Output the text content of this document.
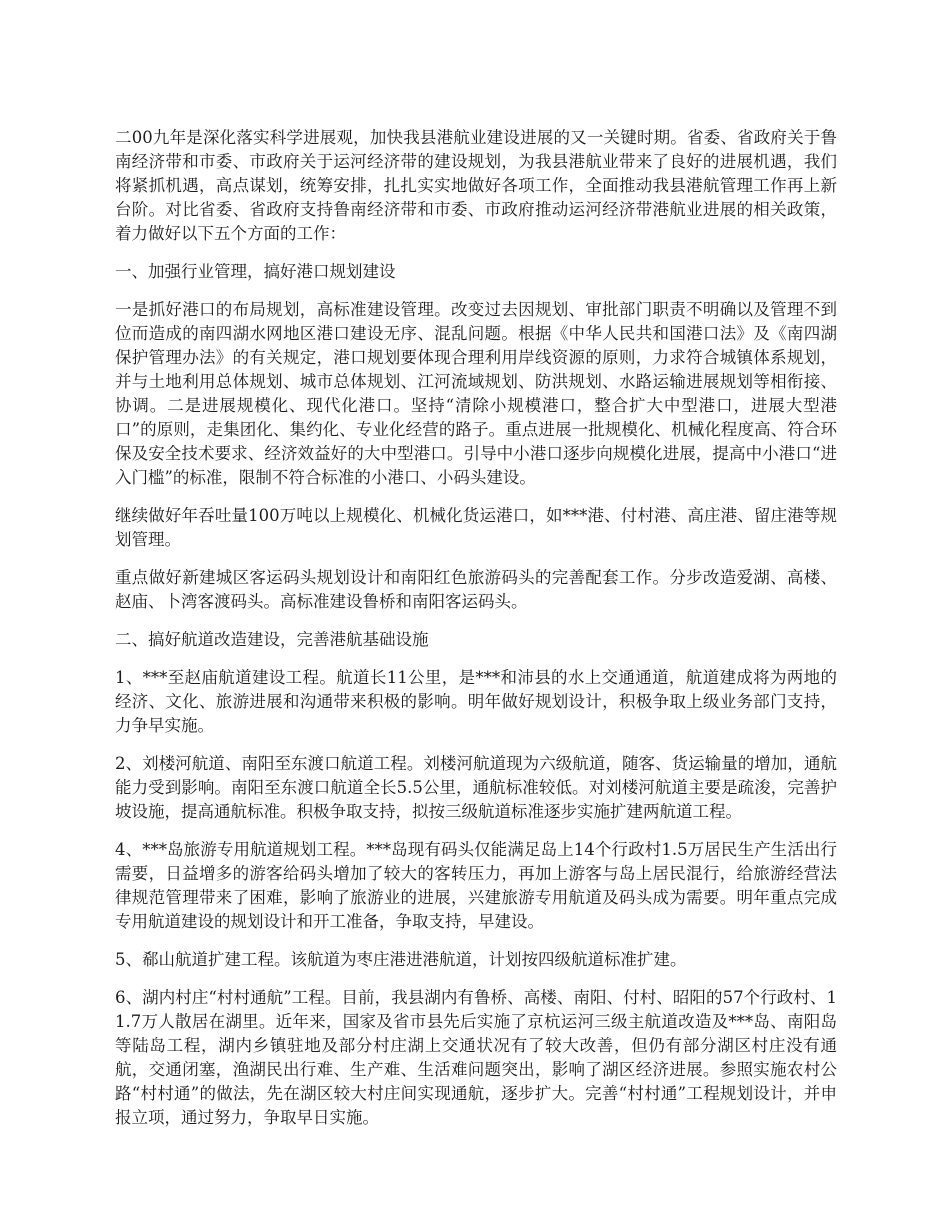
二00九年是深化落实科学进展观，加快我县港航业建设进展的又一关键时期。省委、省政府关于鲁南经济带和市委、市政府关于运河经济带的建设规划，为我县港航业带来了良好的进展机遇，我们将紧抓机遇，高点谋划，统筹安排，扎扎实实地做好各项工作，全面推动我县港航管理工作再上新台阶。对比省委、省政府支持鲁南经济带和市委、市政府推动运河经济带港航业进展的相关政策，着力做好以下五个方面的工作：

一、加强行业管理，搞好港口规划建设

一是抓好港口的布局规划，高标准建设管理。改变过去因规划、审批部门职责不明确以及管理不到位而造成的南四湖水网地区港口建设无序、混乱问题。根据《中华人民共和国港口法》及《南四湖保护管理办法》的有关规定，港口规划要体现合理利用岸线资源的原则，力求符合城镇体系规划，并与土地利用总体规划、城市总体规划、江河流域规划、防洪规划、水路运输进展规划等相衔接、协调。二是进展规模化、现代化港口。坚持“清除小规模港口，整合扩大中型港口，进展大型港口”的原则，走集团化、集约化、专业化经营的路子。重点进展一批规模化、机械化程度高、符合环保及安全技术要求、经济效益好的大中型港口。引导中小港口逐步向规模化进展，提高中小港口“进入门槛”的标准，限制不符合标准的小港口、小码头建设。

继续做好年吞吐量100万吨以上规模化、机械化货运港口，如***港、付村港、高庄港、留庄港等规划管理。

重点做好新建城区客运码头规划设计和南阳红色旅游码头的完善配套工作。分步改造爱湖、高楼、赵庙、卜湾客渡码头。高标准建设鲁桥和南阳客运码头。

二、搞好航道改造建设，完善港航基础设施

1、***至赵庙航道建设工程。航道长11公里，是***和沛县的水上交通通道，航道建成将为两地的经济、文化、旅游进展和沟通带来积极的影响。明年做好规划设计，积极争取上级业务部门支持，力争早实施。

2、刘楼河航道、南阳至东渡口航道工程。刘楼河航道现为六级航道，随客、货运输量的增加，通航能力受到影响。南阳至东渡口航道全长5.5公里，通航标准较低。对刘楼河航道主要是疏浚，完善护坡设施，提高通航标准。积极争取支持，拟按三级航道标准逐步实施扩建两航道工程。

4、***岛旅游专用航道规划工程。***岛现有码头仅能满足岛上14个行政村1.5万居民生产生活出行需要，日益增多的游客给码头增加了较大的客转压力，再加上游客与岛上居民混行，给旅游经营法律规范管理带来了困难，影响了旅游业的进展，兴建旅游专用航道及码头成为需要。明年重点完成专用航道建设的规划设计和开工准备，争取支持，早建设。

5、郗山航道扩建工程。该航道为枣庄港进港航道，计划按四级航道标准扩建。

6、湖内村庄“村村通航”工程。目前，我县湖内有鲁桥、高楼、南阳、付村、昭阳的57个行政村、11.7万人散居在湖里。近年来，国家及省市县先后实施了京杭运河三级主航道改造及***岛、南阳岛等陆岛工程，湖内乡镇驻地及部分村庄湖上交通状况有了较大改善，但仍有部分湖区村庄没有通航，交通闭塞，渔湖民出行难、生产难、生活难问题突出，影响了湖区经济进展。参照实施农村公路“村村通”的做法，先在湖区较大村庄间实现通航，逐步扩大。完善“村村通”工程规划设计，并申报立项，通过努力，争取早日实施。
